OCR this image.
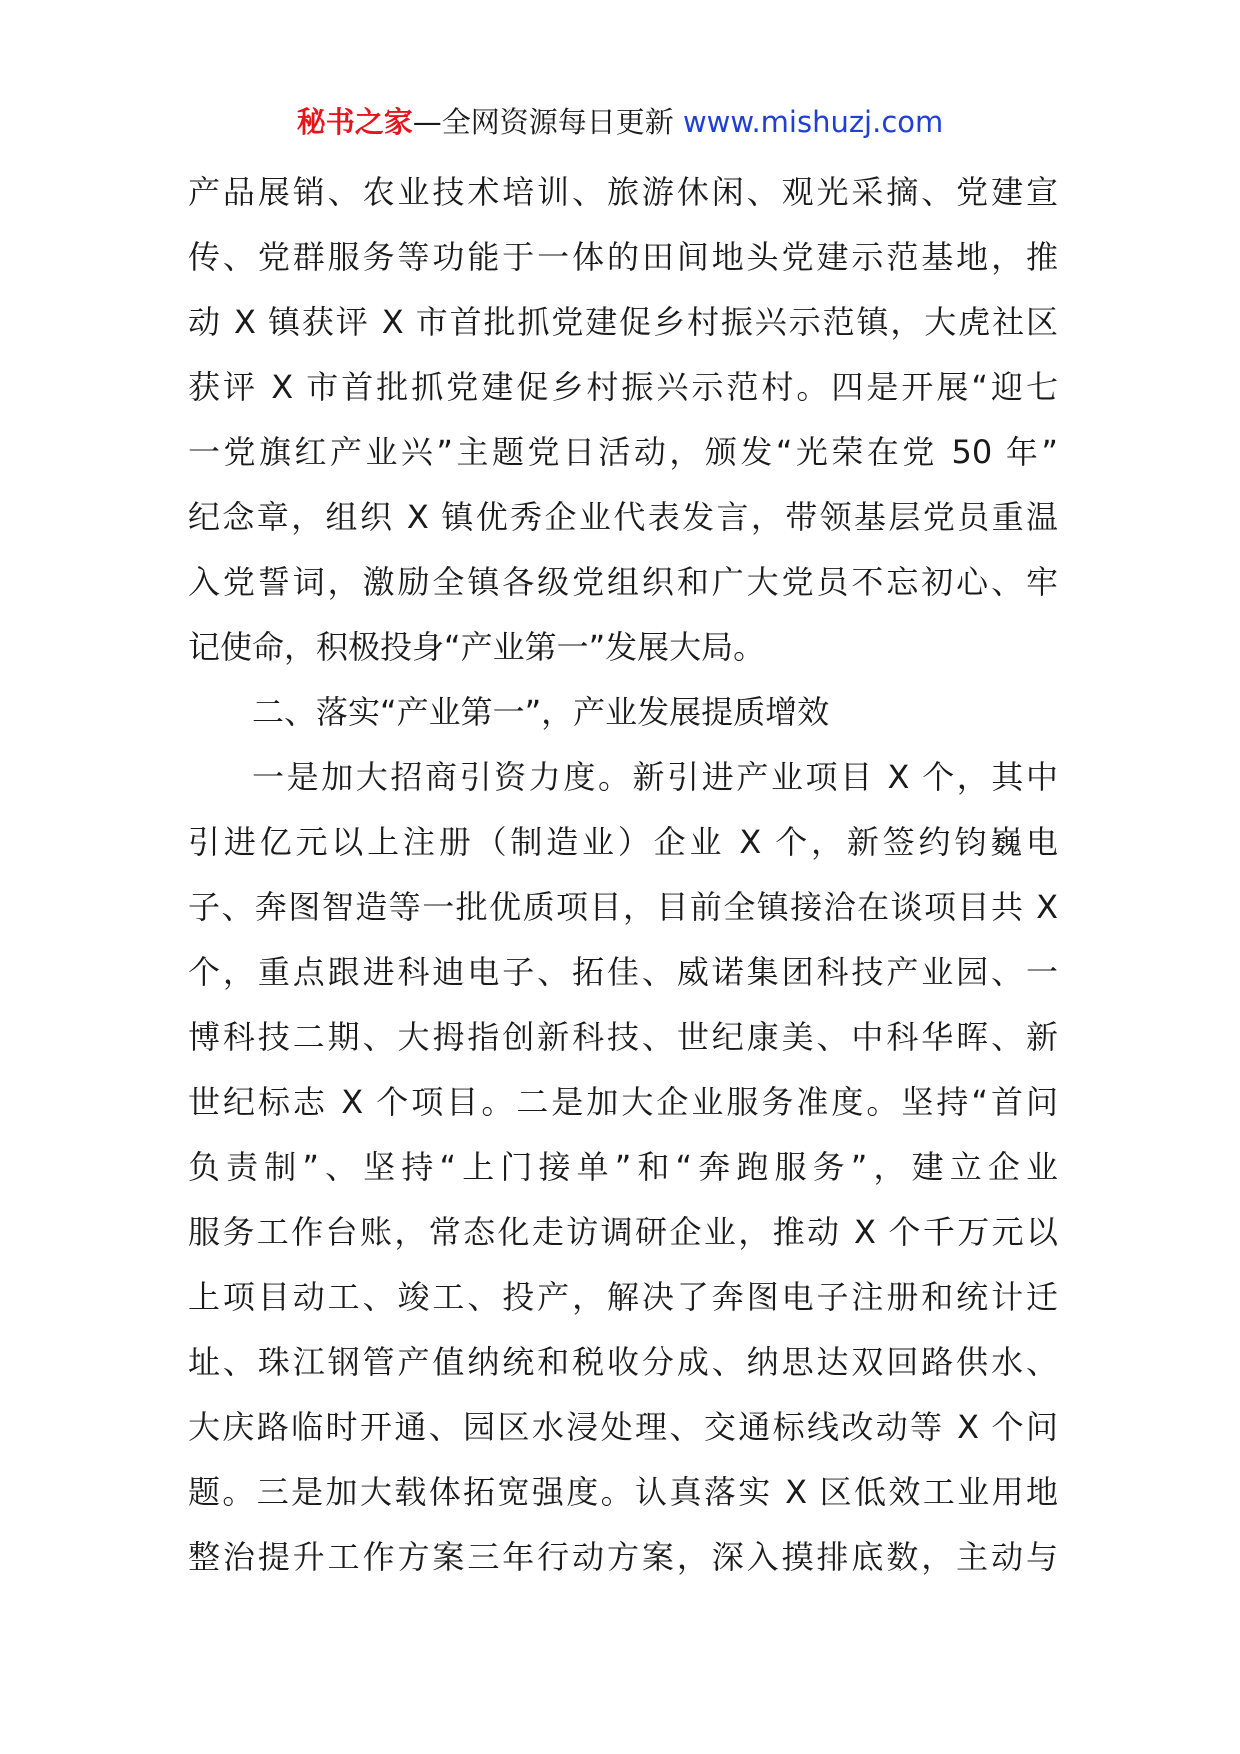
秘书之家—全网资源每日更新 www.mishuzj.com
产品展销、农业技术培训、旅游休闲、观光采摘、党建宣
传、党群服务等功能于一体的田间地头党建示范基地，推
动 X 镇获评 X 市首批抓党建促乡村振兴示范镇，大虎社区
获评 X 市首批抓党建促乡村振兴示范村。四是开展“迎七
一党旗红产业兴”主题党日活动，颁发“光荣在党 50 年”
纪念章，组织 X 镇优秀企业代表发言，带领基层党员重温
入党誓词，激励全镇各级党组织和广大党员不忘初心、牢
记使命，积极投身“产业第一”发展大局。
二、落实“产业第一”，产业发展提质增效
一是加大招商引资力度。新引进产业项目 X 个，其中
引进亿元以上注册（制造业）企业 X 个，新签约钧巍电
子、奔图智造等一批优质项目，目前全镇接洽在谈项目共 X
个，重点跟进科迪电子、拓佳、威诺集团科技产业园、一
博科技二期、大拇指创新科技、世纪康美、中科华晖、新
世纪标志 X 个项目。二是加大企业服务准度。坚持“首问
负责制”、坚持“上门接单”和“奔跑服务”，建立企业
服务工作台账，常态化走访调研企业，推动 X 个千万元以
上项目动工、竣工、投产，解决了奔图电子注册和统计迁
址、珠江钢管产值纳统和税收分成、纳思达双回路供水、
大庆路临时开通、园区水浸处理、交通标线改动等 X 个问
题。三是加大载体拓宽强度。认真落实 X 区低效工业用地
整治提升工作方案三年行动方案，深入摸排底数，主动与
